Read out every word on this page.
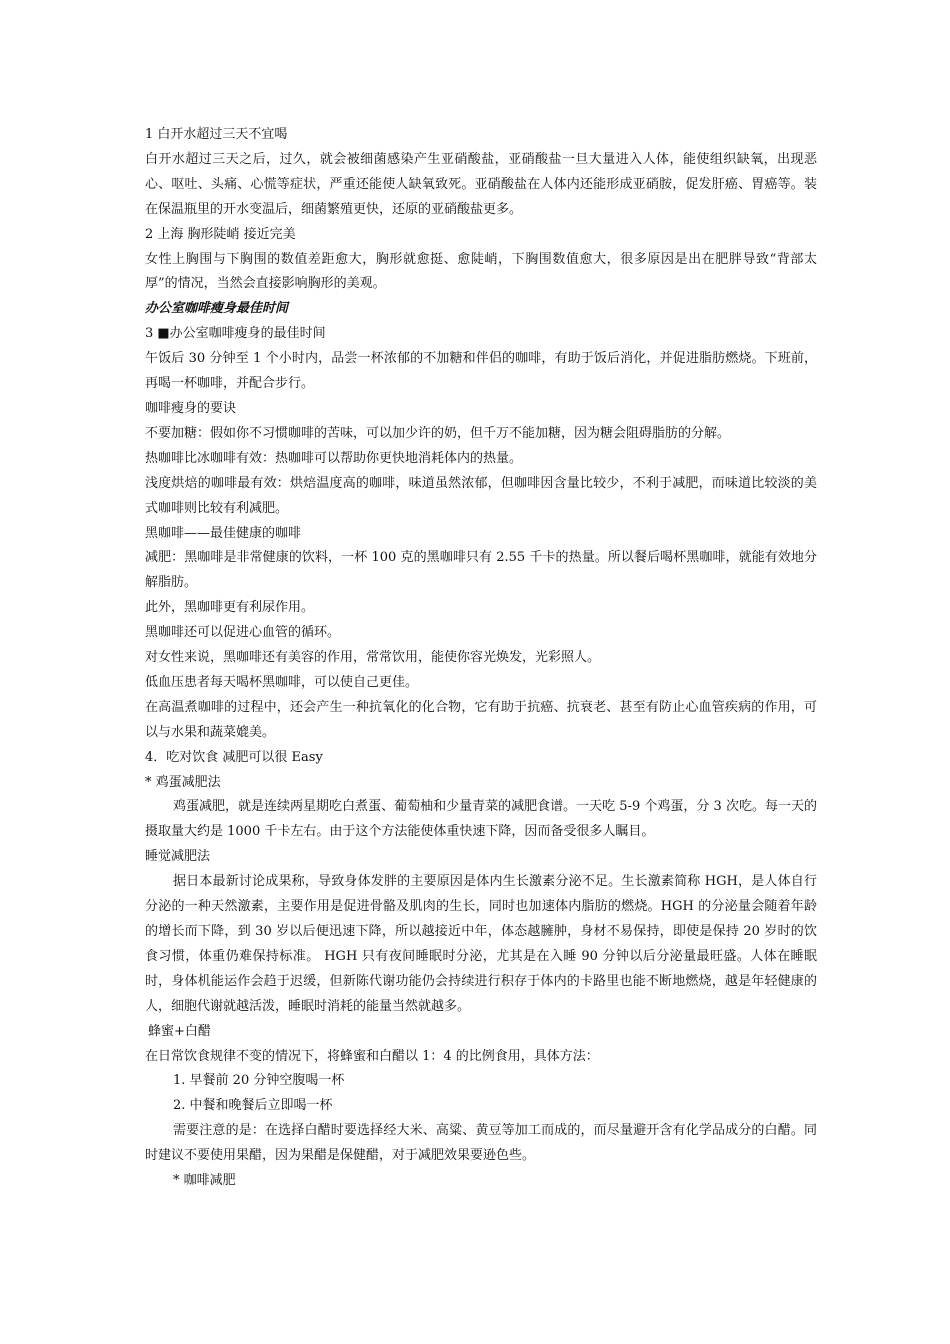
1 白开水超过三天不宜喝

白开水超过三天之后，过久，就会被细菌感染产生亚硝酸盐，亚硝酸盐一旦大量进入人体，能使组织缺氧，出现恶心、呕吐、头痛、心慌等症状，严重还能使人缺氧致死。亚硝酸盐在人体内还能形成亚硝胺，促发肝癌、胃癌等。装在保温瓶里的开水变温后，细菌繁殖更快，还原的亚硝酸盐更多。

2 上海 胸形陡峭 接近完美

女性上胸围与下胸围的数值差距愈大，胸形就愈挺、愈陡峭，下胸围数值愈大，很多原因是出在肥胖导致“背部太厚”的情况，当然会直接影响胸形的美观。

办公室咖啡瘦身最佳时间

3 ■办公室咖啡瘦身的最佳时间

午饭后 30 分钟至 1 个小时内，品尝一杯浓郁的不加糖和伴侣的咖啡，有助于饭后消化，并促进脂肪燃烧。下班前，再喝一杯咖啡，并配合步行。

咖啡瘦身的要诀

不要加糖：假如你不习惯咖啡的苦味，可以加少许的奶，但千万不能加糖，因为糖会阻碍脂肪的分解。

热咖啡比冰咖啡有效：热咖啡可以帮助你更快地消耗体内的热量。

浅度烘焙的咖啡最有效：烘焙温度高的咖啡，味道虽然浓郁，但咖啡因含量比较少，不利于减肥，而味道比较淡的美式咖啡则比较有利减肥。

黑咖啡——最佳健康的咖啡

减肥：黑咖啡是非常健康的饮料，一杯 100 克的黑咖啡只有 2.55 千卡的热量。所以餐后喝杯黑咖啡，就能有效地分解脂肪。

此外，黑咖啡更有利尿作用。

黑咖啡还可以促进心血管的循环。

对女性来说，黑咖啡还有美容的作用，常常饮用，能使你容光焕发，光彩照人。

低血压患者每天喝杯黑咖啡，可以使自己更佳。

在高温煮咖啡的过程中，还会产生一种抗氧化的化合物，它有助于抗癌、抗衰老、甚至有防止心血管疾病的作用，可以与水果和蔬菜媲美。

4．吃对饮食 减肥可以很 Easy

* 鸡蛋减肥法

鸡蛋减肥，就是连续两星期吃白煮蛋、葡萄柚和少量青菜的减肥食谱。一天吃 5-9 个鸡蛋，分 3 次吃。每一天的摄取量大约是 1000 千卡左右。由于这个方法能使体重快速下降，因而备受很多人瞩目。

睡觉减肥法

据日本最新讨论成果称，导致身体发胖的主要原因是体内生长激素分泌不足。生长激素简称 HGH，是人体自行分泌的一种天然激素，主要作用是促进骨骼及肌肉的生长，同时也加速体内脂肪的燃烧。HGH 的分泌量会随着年龄的增长而下降，到 30 岁以后便迅速下降，所以越接近中年，体态越臃肿，身材不易保持，即使是保持 20 岁时的饮食习惯，体重仍难保持标准。 HGH 只有夜间睡眠时分泌，尤其是在入睡 90 分钟以后分泌量最旺盛。人体在睡眠时，身体机能运作会趋于迟缓，但新陈代谢功能仍会持续进行积存于体内的卡路里也能不断地燃烧，越是年轻健康的人，细胞代谢就越活泼，睡眠时消耗的能量当然就越多。

蜂蜜+白醋

在日常饮食规律不变的情况下，将蜂蜜和白醋以 1：4 的比例食用，具体方法：

1. 早餐前 20 分钟空腹喝一杯

2. 中餐和晚餐后立即喝一杯

需要注意的是：在选择白醋时要选择经大米、高粱、黄豆等加工而成的，而尽量避开含有化学品成分的白醋。同时建议不要使用果醋，因为果醋是保健醋，对于减肥效果要逊色些。

* 咖啡减肥
